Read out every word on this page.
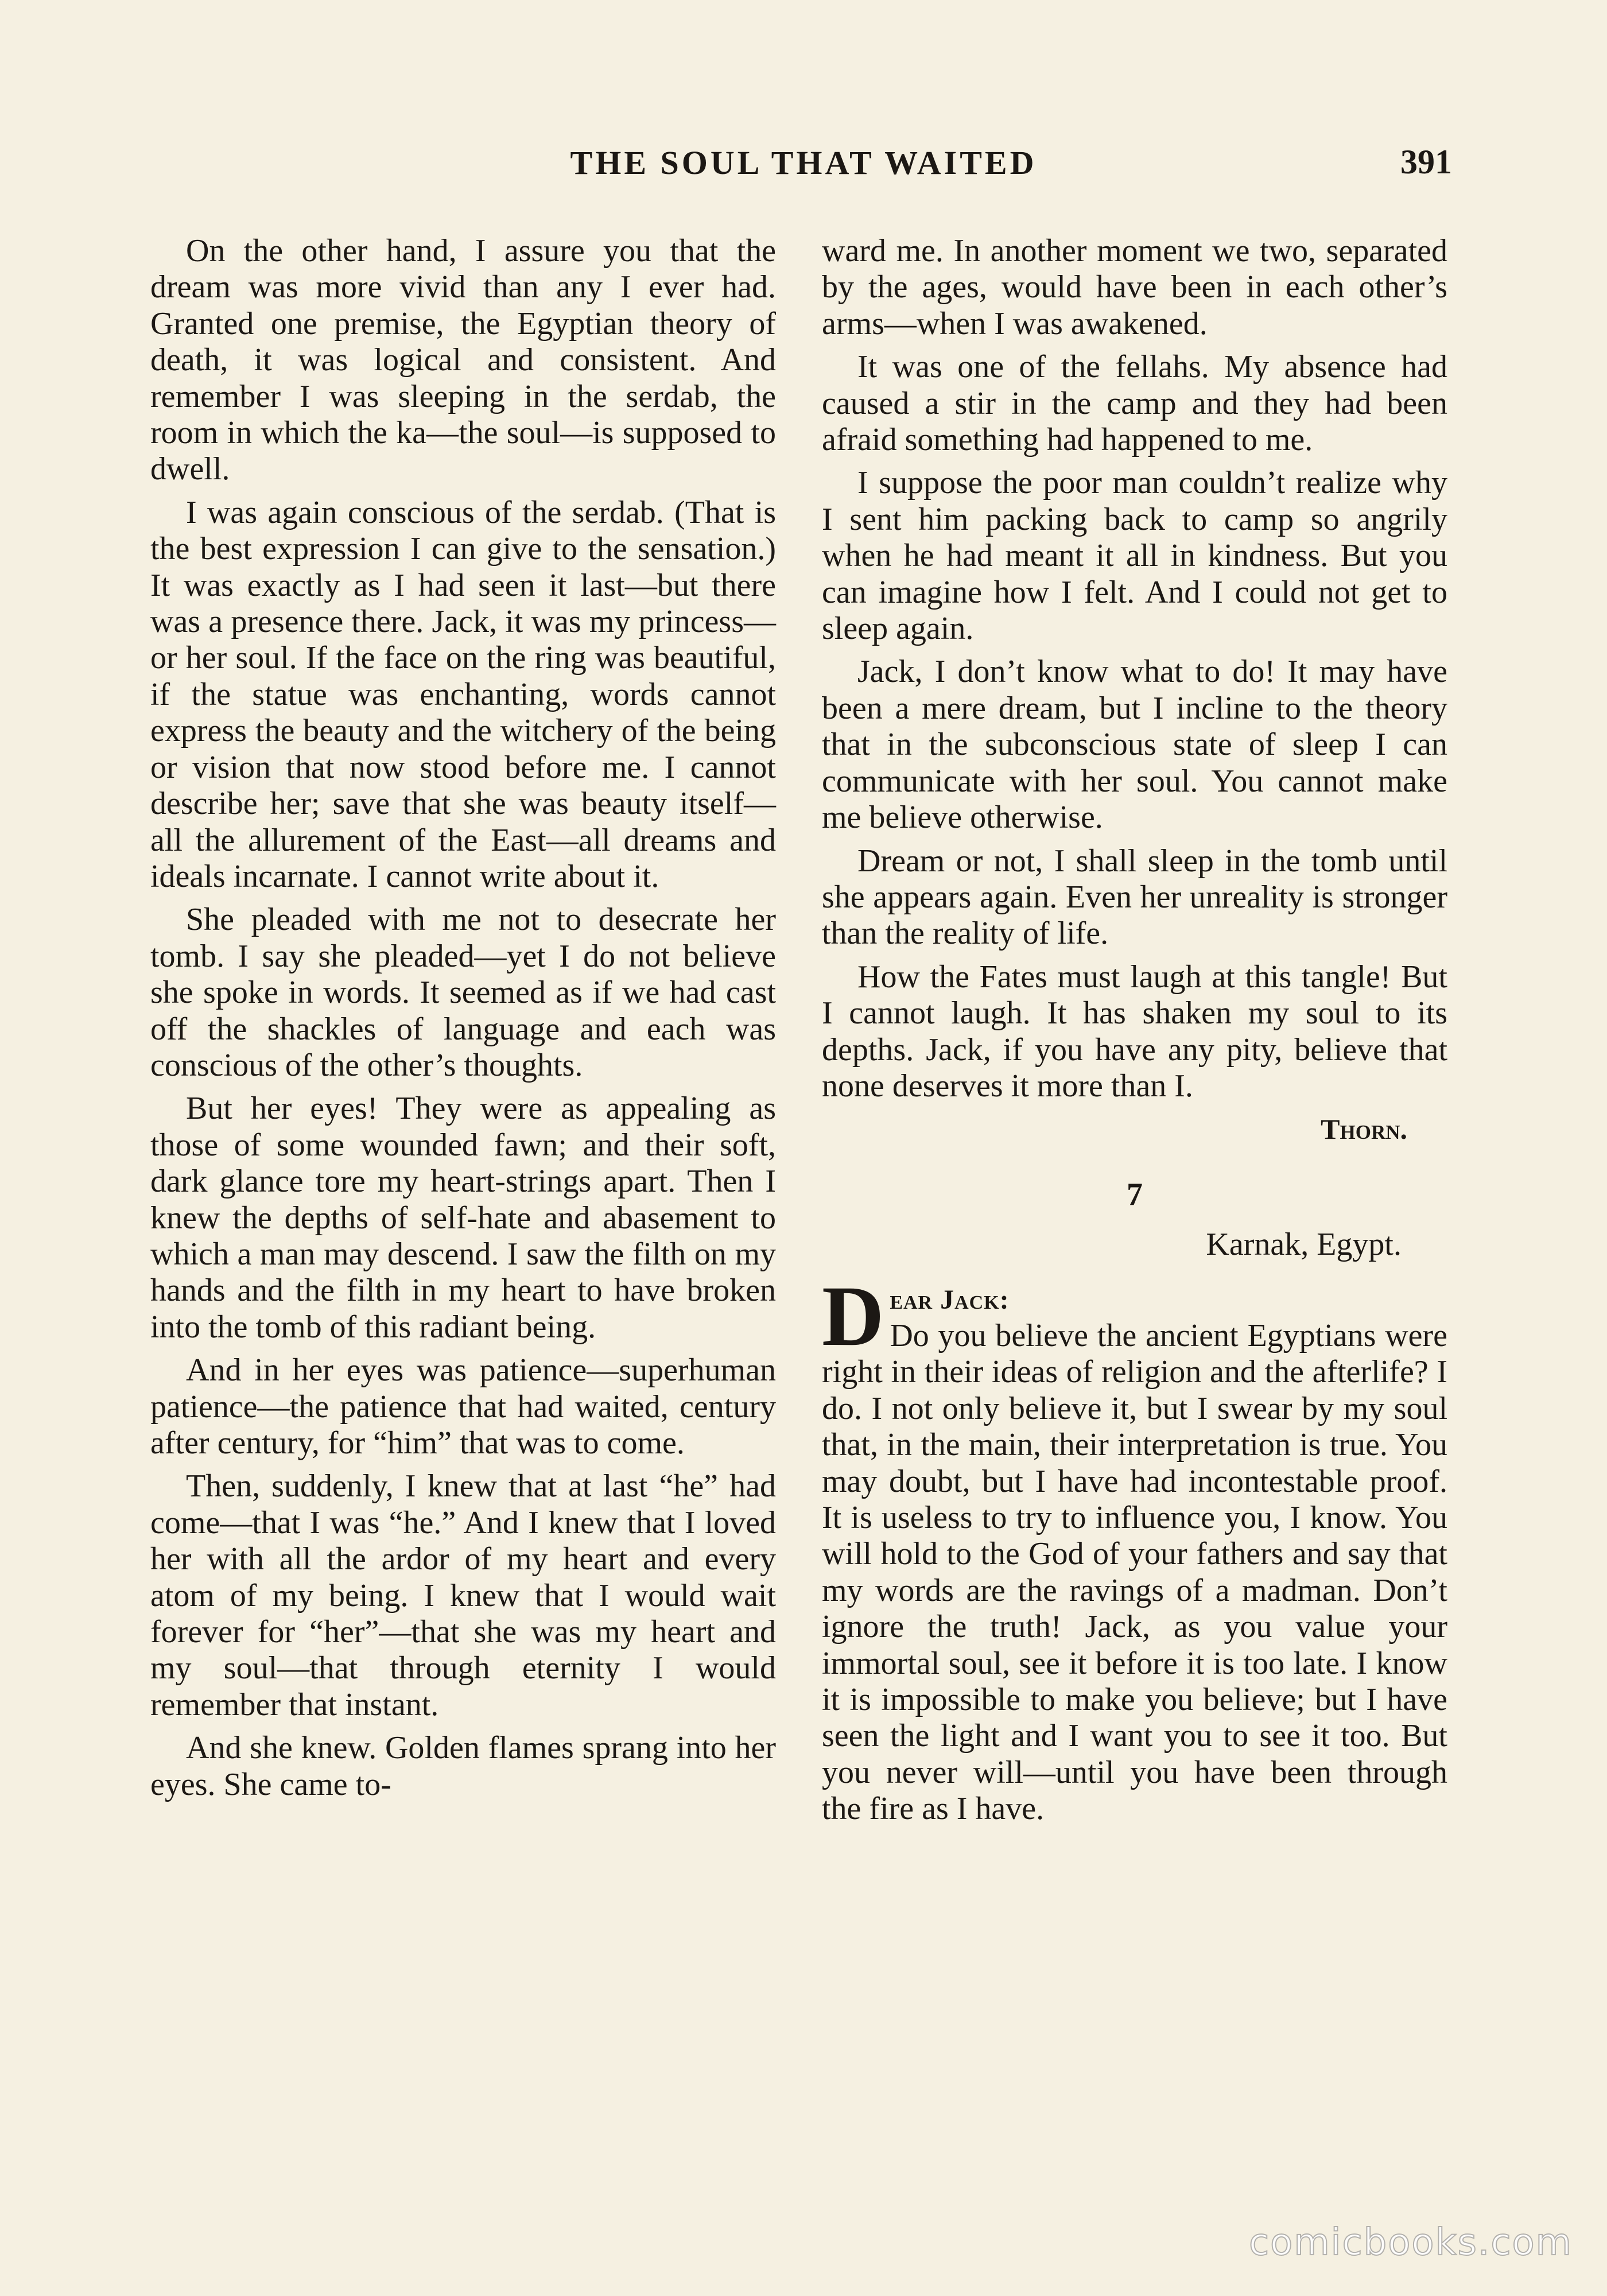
THE SOUL THAT WAITED	391

On the other hand, I assure you that the dream was more vivid than any I ever had. Granted one premise, the Egyptian theory of death, it was logical and consistent. And remember I was sleeping in the serdab, the room in which the ka—the soul—is supposed to dwell.

I was again conscious of the serdab. (That is the best expression I can give to the sensation.) It was exactly as I had seen it last—but there was a presence there. Jack, it was my princess—or her soul. If the face on the ring was beautiful, if the statue was enchanting, words cannot express the beauty and the witchery of the being or vision that now stood before me. I cannot describe her; save that she was beauty itself—all the allurement of the East—all dreams and ideals incarnate. I cannot write about it.

She pleaded with me not to desecrate her tomb. I say she pleaded—yet I do not believe she spoke in words. It seemed as if we had cast off the shackles of language and each was conscious of the other’s thoughts.

But her eyes! They were as appealing as those of some wounded fawn; and their soft, dark glance tore my heart-strings apart. Then I knew the depths of self-hate and abasement to which a man may descend. I saw the filth on my hands and the filth in my heart to have broken into the tomb of this radiant being.

And in her eyes was patience—superhuman patience—the patience that had waited, century after century, for “him” that was to come.

Then, suddenly, I knew that at last “he” had come—that I was “he.” And I knew that I loved her with all the ardor of my heart and every atom of my being. I knew that I would wait forever for “her”—that she was my heart and my soul—that through eternity I would remember that instant.

And she knew. Golden flames sprang into her eyes. She came to-

ward me. In another moment we two, separated by the ages, would have been in each other’s arms—when I was awakened.

It was one of the fellahs. My absence had caused a stir in the camp and they had been afraid something had happened to me.

I suppose the poor man couldn’t realize why I sent him packing back to camp so angrily when he had meant it all in kindness. But you can imagine how I felt. And I could not get to sleep again.

Jack, I don’t know what to do! It may have been a mere dream, but I incline to the theory that in the subconscious state of sleep I can communicate with her soul. You cannot make me believe otherwise.

Dream or not, I shall sleep in the tomb until she appears again. Even her unreality is stronger than the reality of life.

How the Fates must laugh at this tangle! But I cannot laugh. It has shaken my soul to its depths. Jack, if you have any pity, believe that none deserves it more than I.

Thorn.
7
Karnak, Egypt.

Dear Jack:
Do you believe the ancient Egyptians were right in their ideas of religion and the afterlife? I do. I not only believe it, but I swear by my soul that, in the main, their interpretation is true. You may doubt, but I have had incontestable proof. It is useless to try to influence you, I know. You will hold to the God of your fathers and say that my words are the ravings of a madman. Don’t ignore the truth! Jack, as you value your immortal soul, see it before it is too late. I know it is impossible to make you believe; but I have seen the light and I want you to see it too. But you never will—until you have been through the fire as I have.

comicbooks.com
